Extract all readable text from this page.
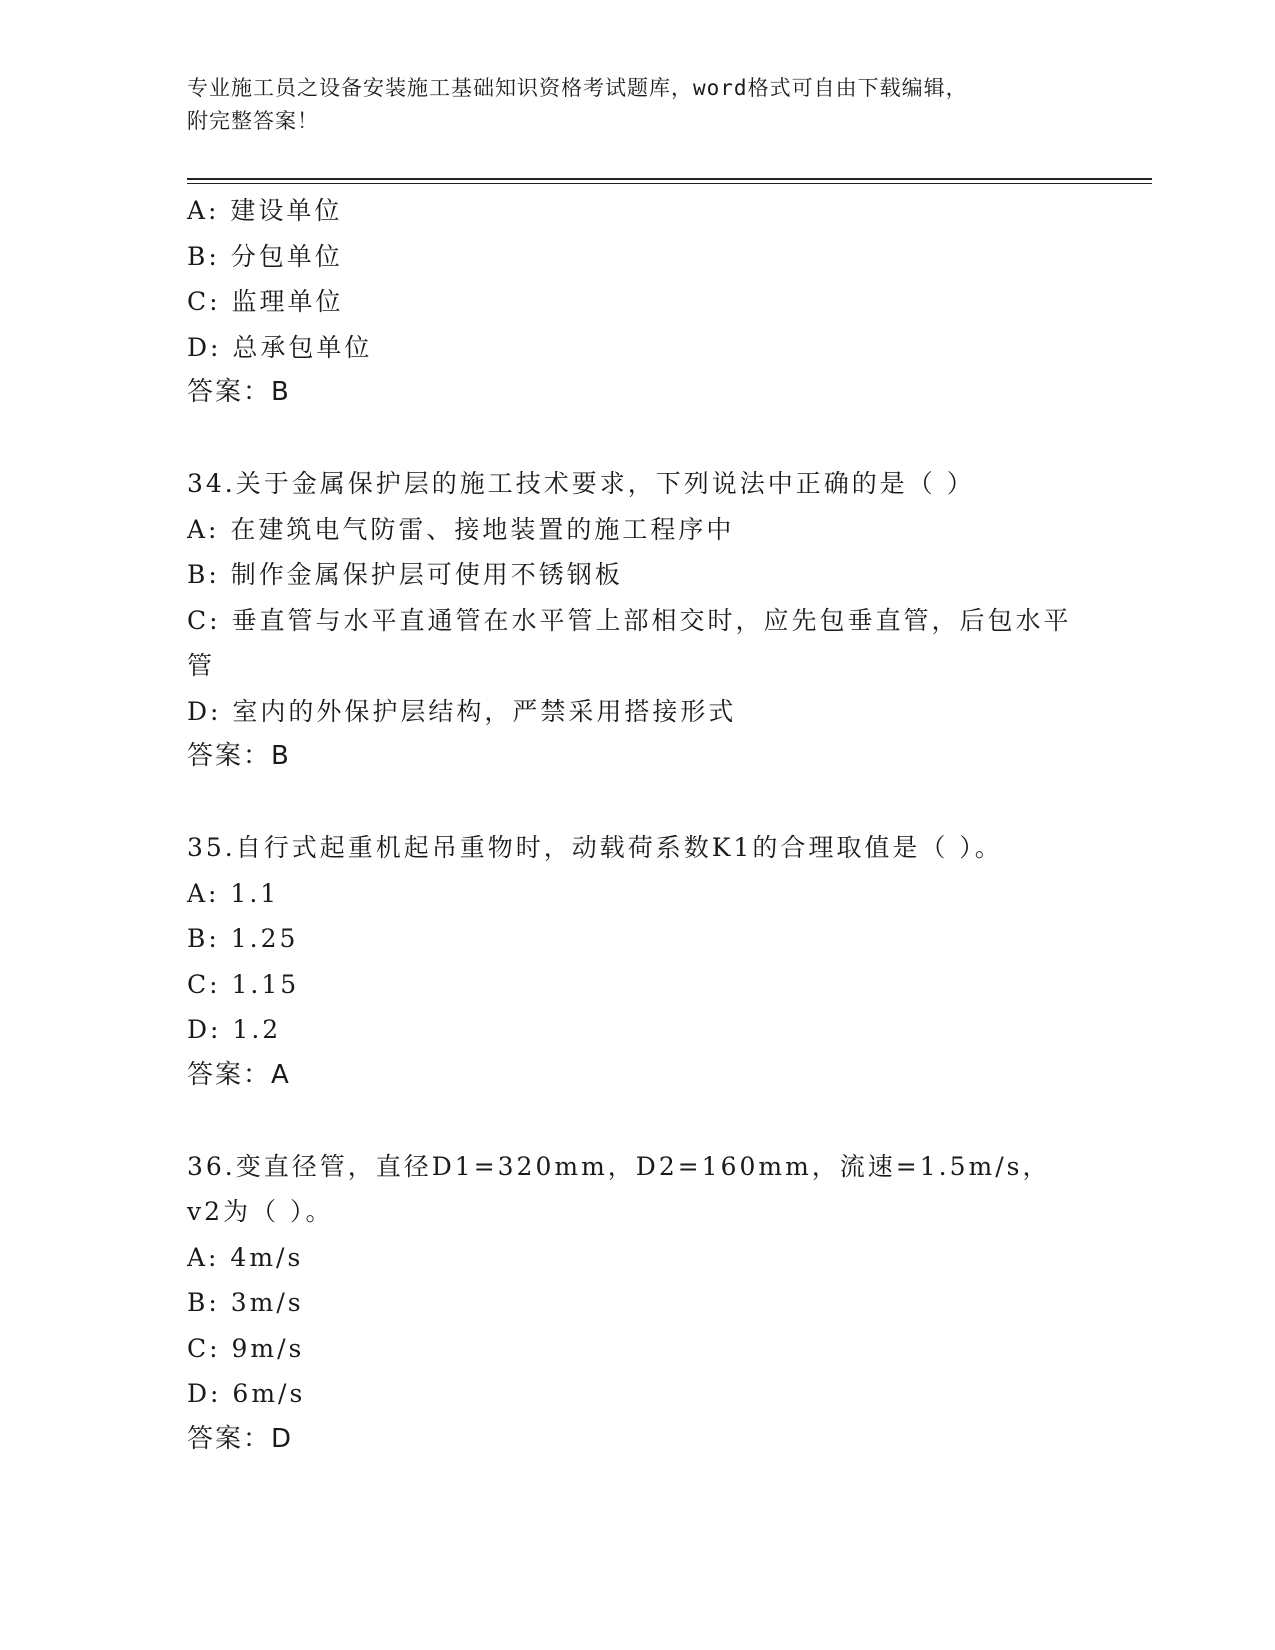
专业施工员之设备安装施工基础知识资格考试题库，word格式可自由下载编辑，
附完整答案！
A: 建设单位
B: 分包单位
C: 监理单位
D: 总承包单位
答案：B
34.关于金属保护层的施工技术要求，下列说法中正确的是（ ）
A: 在建筑电气防雷、接地装置的施工程序中
B: 制作金属保护层可使用不锈钢板
C: 垂直管与水平直通管在水平管上部相交时，应先包垂直管，后包水平管
D: 室内的外保护层结构，严禁采用搭接形式
答案：B
35.自行式起重机起吊重物时，动载荷系数K1的合理取值是（ ）。
A: 1.1
B: 1.25
C: 1.15
D: 1.2
答案：A
36.变直径管，直径D1=320mm，D2=160mm，流速=1.5m/s，v2为（ ）。
A: 4m/s
B: 3m/s
C: 9m/s
D: 6m/s
答案：D
